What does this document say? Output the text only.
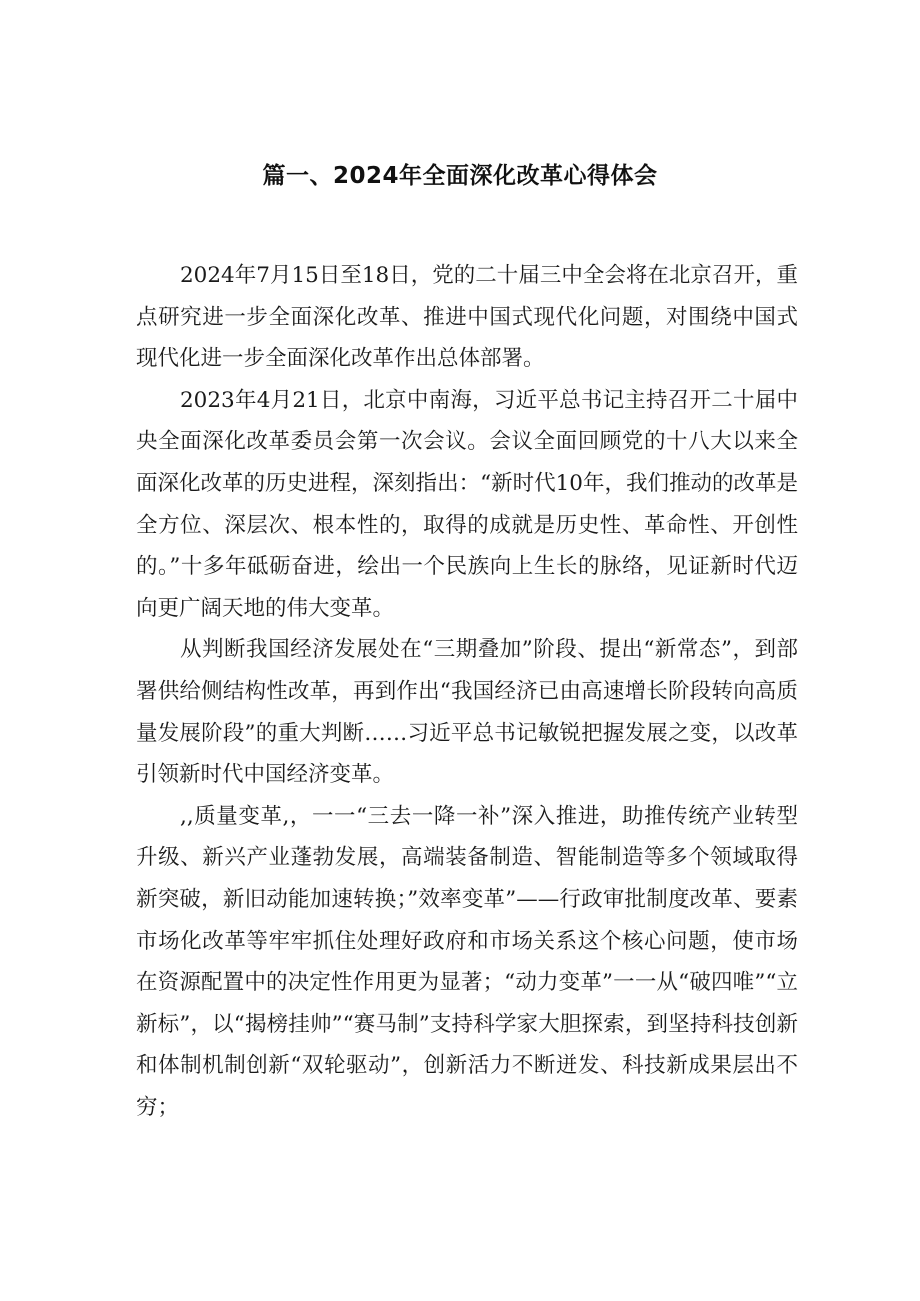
篇一、2024年全面深化改革心得体会

2024年7月15日至18日，党的二十届三中全会将在北京召开，重点研究进一步全面深化改革、推进中国式现代化问题，对围绕中国式现代化进一步全面深化改革作出总体部署。

2023年4月21日，北京中南海，习近平总书记主持召开二十届中央全面深化改革委员会第一次会议。会议全面回顾党的十八大以来全面深化改革的历史进程，深刻指出：“新时代10年，我们推动的改革是全方位、深层次、根本性的，取得的成就是历史性、革命性、开创性的。”十多年砥砺奋进，绘出一个民族向上生长的脉络，见证新时代迈向更广阔天地的伟大变革。

从判断我国经济发展处在“三期叠加”阶段、提出“新常态”，到部署供给侧结构性改革，再到作出“我国经济已由高速增长阶段转向高质量发展阶段”的重大判断……习近平总书记敏锐把握发展之变，以改革引领新时代中国经济变革。

,,质量变革,，一一“三去一降一补”深入推进，助推传统产业转型升级、新兴产业蓬勃发展，高端装备制造、智能制造等多个领域取得新突破，新旧动能加速转换；”效率变革”——行政审批制度改革、要素市场化改革等牢牢抓住处理好政府和市场关系这个核心问题，使市场在资源配置中的决定性作用更为显著；“动力变革”一一从“破四唯”“立新标”，以“揭榜挂帅”“赛马制”支持科学家大胆探索，到坚持科技创新和体制机制创新“双轮驱动”，创新活力不断迸发、科技新成果层出不穷；
